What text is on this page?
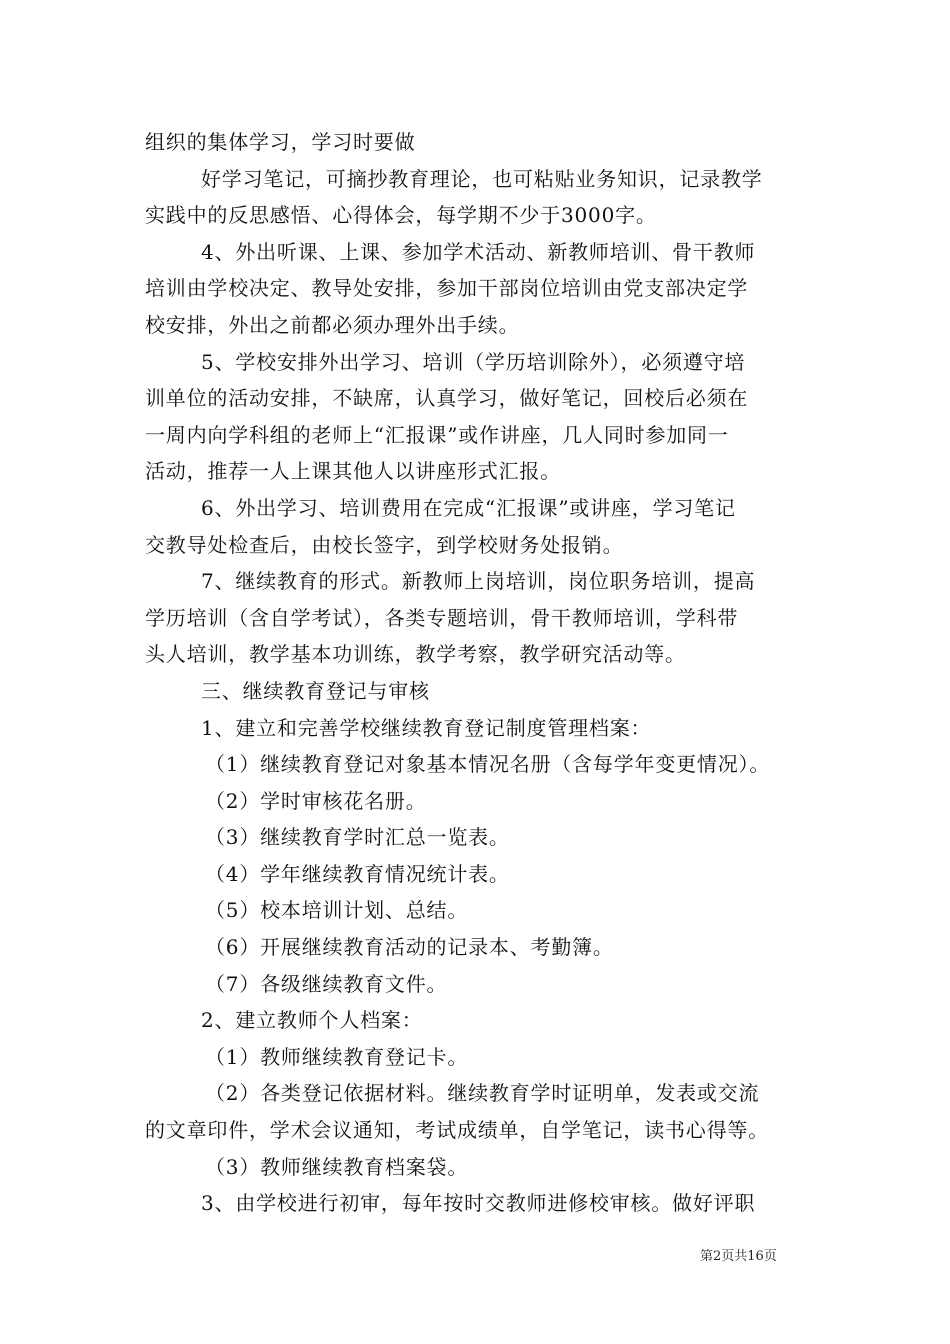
组织的集体学习，学习时要做
好学习笔记，可摘抄教育理论，也可粘贴业务知识，记录教学
实践中的反思感悟、心得体会，每学期不少于3000字。
4、外出听课、上课、参加学术活动、新教师培训、骨干教师
培训由学校决定、教导处安排，参加干部岗位培训由党支部决定学
校安排，外出之前都必须办理外出手续。
5、学校安排外出学习、培训（学历培训除外），必须遵守培
训单位的活动安排，不缺席，认真学习，做好笔记，回校后必须在
一周内向学科组的老师上“汇报课”或作讲座，几人同时参加同一
活动，推荐一人上课其他人以讲座形式汇报。
6、外出学习、培训费用在完成“汇报课”或讲座，学习笔记
交教导处检查后，由校长签字，到学校财务处报销。
7、继续教育的形式。新教师上岗培训，岗位职务培训，提高
学历培训（含自学考试），各类专题培训，骨干教师培训，学科带
头人培训，教学基本功训练，教学考察，教学研究活动等。
三、继续教育登记与审核
1、建立和完善学校继续教育登记制度管理档案：
（1）继续教育登记对象基本情况名册（含每学年变更情况）。
（2）学时审核花名册。
（3）继续教育学时汇总一览表。
（4）学年继续教育情况统计表。
（5）校本培训计划、总结。
（6）开展继续教育活动的记录本、考勤簿。
（7）各级继续教育文件。
2、建立教师个人档案：
（1）教师继续教育登记卡。
（2）各类登记依据材料。继续教育学时证明单，发表或交流
的文章印件，学术会议通知，考试成绩单，自学笔记，读书心得等。
（3）教师继续教育档案袋。
3、由学校进行初审，每年按时交教师进修校审核。做好评职
第2页共16页
